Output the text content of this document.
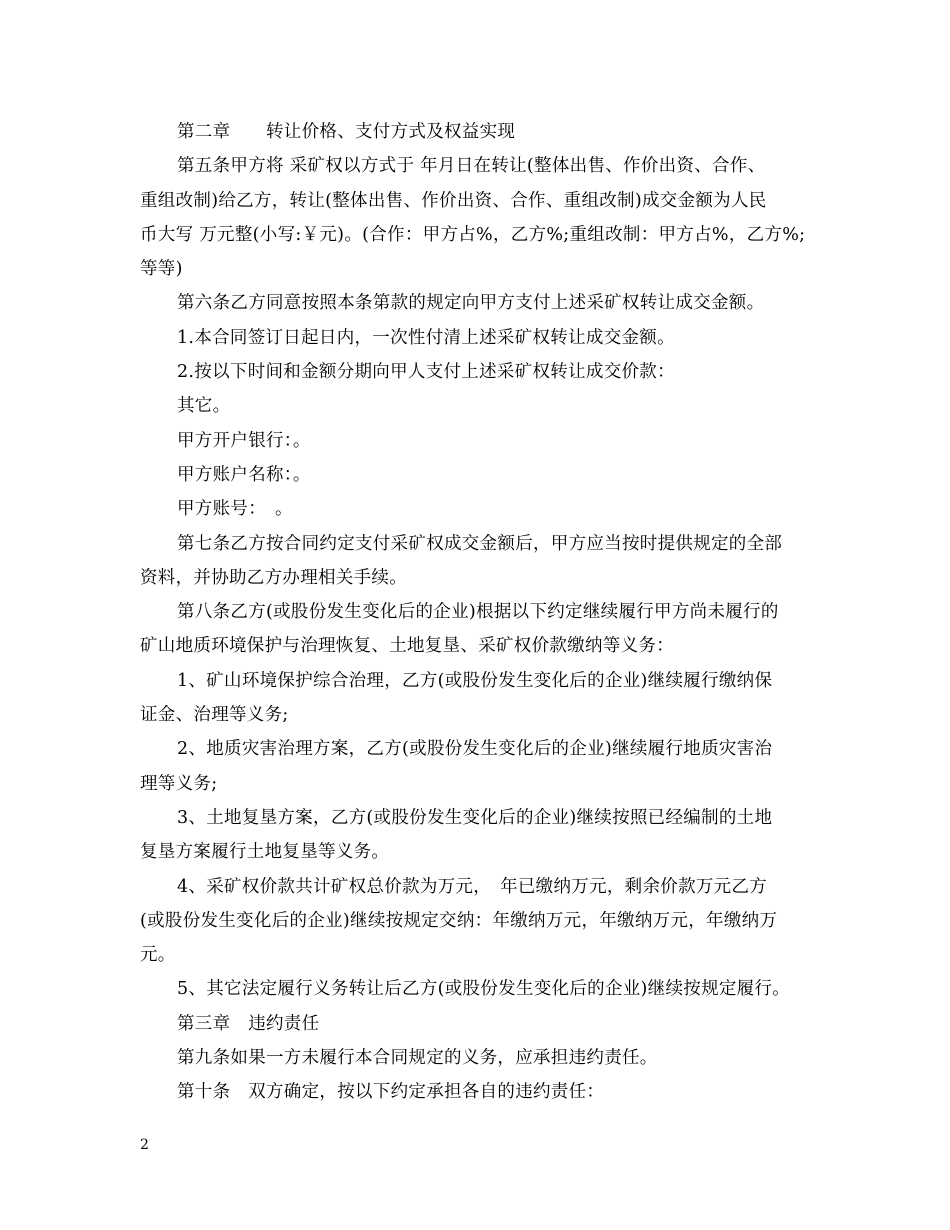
第二章　　转让价格、支付方式及权益实现
第五条甲方将 采矿权以方式于 年月日在转让(整体出售、作价出资、合作、
重组改制)给乙方，转让(整体出售、作价出资、合作、重组改制)成交金额为人民
币大写 万元整(小写:￥元)。(合作：甲方占%，乙方%;重组改制：甲方占%，乙方%;
等等)
第六条乙方同意按照本条第款的规定向甲方支付上述采矿权转让成交金额。
1.本合同签订日起日内，一次性付清上述采矿权转让成交金额。
2.按以下时间和金额分期向甲人支付上述采矿权转让成交价款：
其它。
甲方开户银行：。
甲方账户名称：。
甲方账号：　。
第七条乙方按合同约定支付采矿权成交金额后，甲方应当按时提供规定的全部
资料，并协助乙方办理相关手续。
第八条乙方(或股份发生变化后的企业)根据以下约定继续履行甲方尚未履行的
矿山地质环境保护与治理恢复、土地复垦、采矿权价款缴纳等义务：
1、矿山环境保护综合治理，乙方(或股份发生变化后的企业)继续履行缴纳保
证金、治理等义务;
2、地质灾害治理方案，乙方(或股份发生变化后的企业)继续履行地质灾害治
理等义务;
3、土地复垦方案，乙方(或股份发生变化后的企业)继续按照已经编制的土地
复垦方案履行土地复垦等义务。
4、采矿权价款共计矿权总价款为万元，　年已缴纳万元，剩余价款万元乙方
(或股份发生变化后的企业)继续按规定交纳：年缴纳万元，年缴纳万元，年缴纳万
元。
5、其它法定履行义务转让后乙方(或股份发生变化后的企业)继续按规定履行。
第三章　违约责任
第九条如果一方未履行本合同规定的义务，应承担违约责任。
第十条　双方确定，按以下约定承担各自的违约责任：
2
